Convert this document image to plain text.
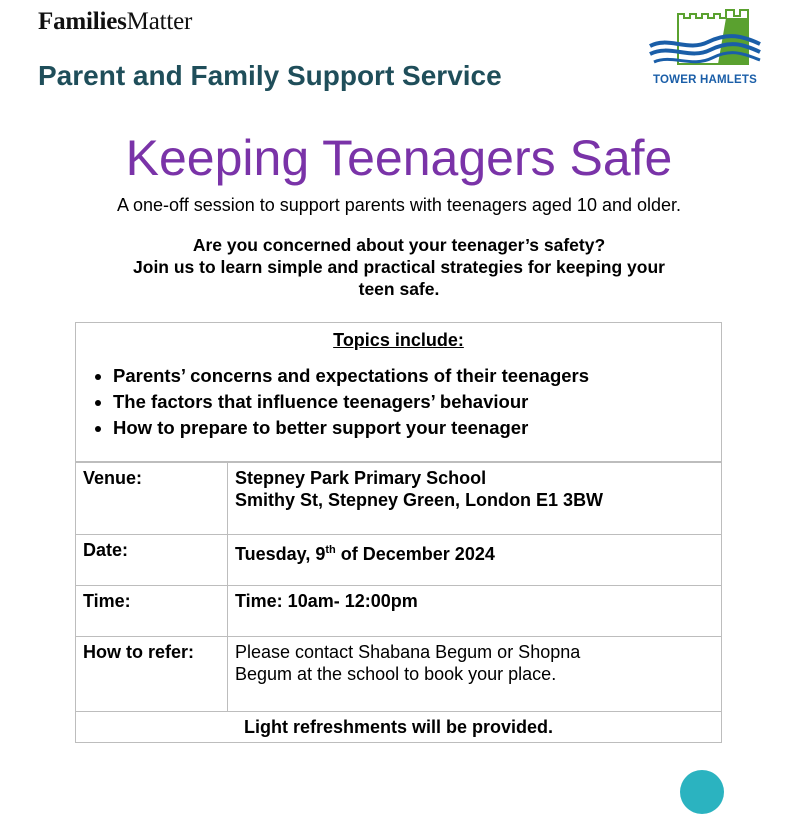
FamiliesMatter
Parent and Family Support Service	TOWER HAMLETS
Keeping Teenagers Safe
A one-off session to support parents with teenagers aged 10 and older.
Are you concerned about your teenager’s safety?
Join us to learn simple and practical strategies for keeping your
teen safe.
Topics include:
• Parents’ concerns and expectations of their teenagers
• The factors that influence teenagers’ behaviour
• How to prepare to better support your teenager
Venue:	Stepney Park Primary School
Smithy St, Stepney Green, London E1 3BW

Date:	Tuesday, 9th of December 2024
Time:	Time: 10am- 12:00pm
How to refer:	Please contact Shabana Begum or Shopna
Begum at the school to book your place.

Light refreshments will be provided.	
